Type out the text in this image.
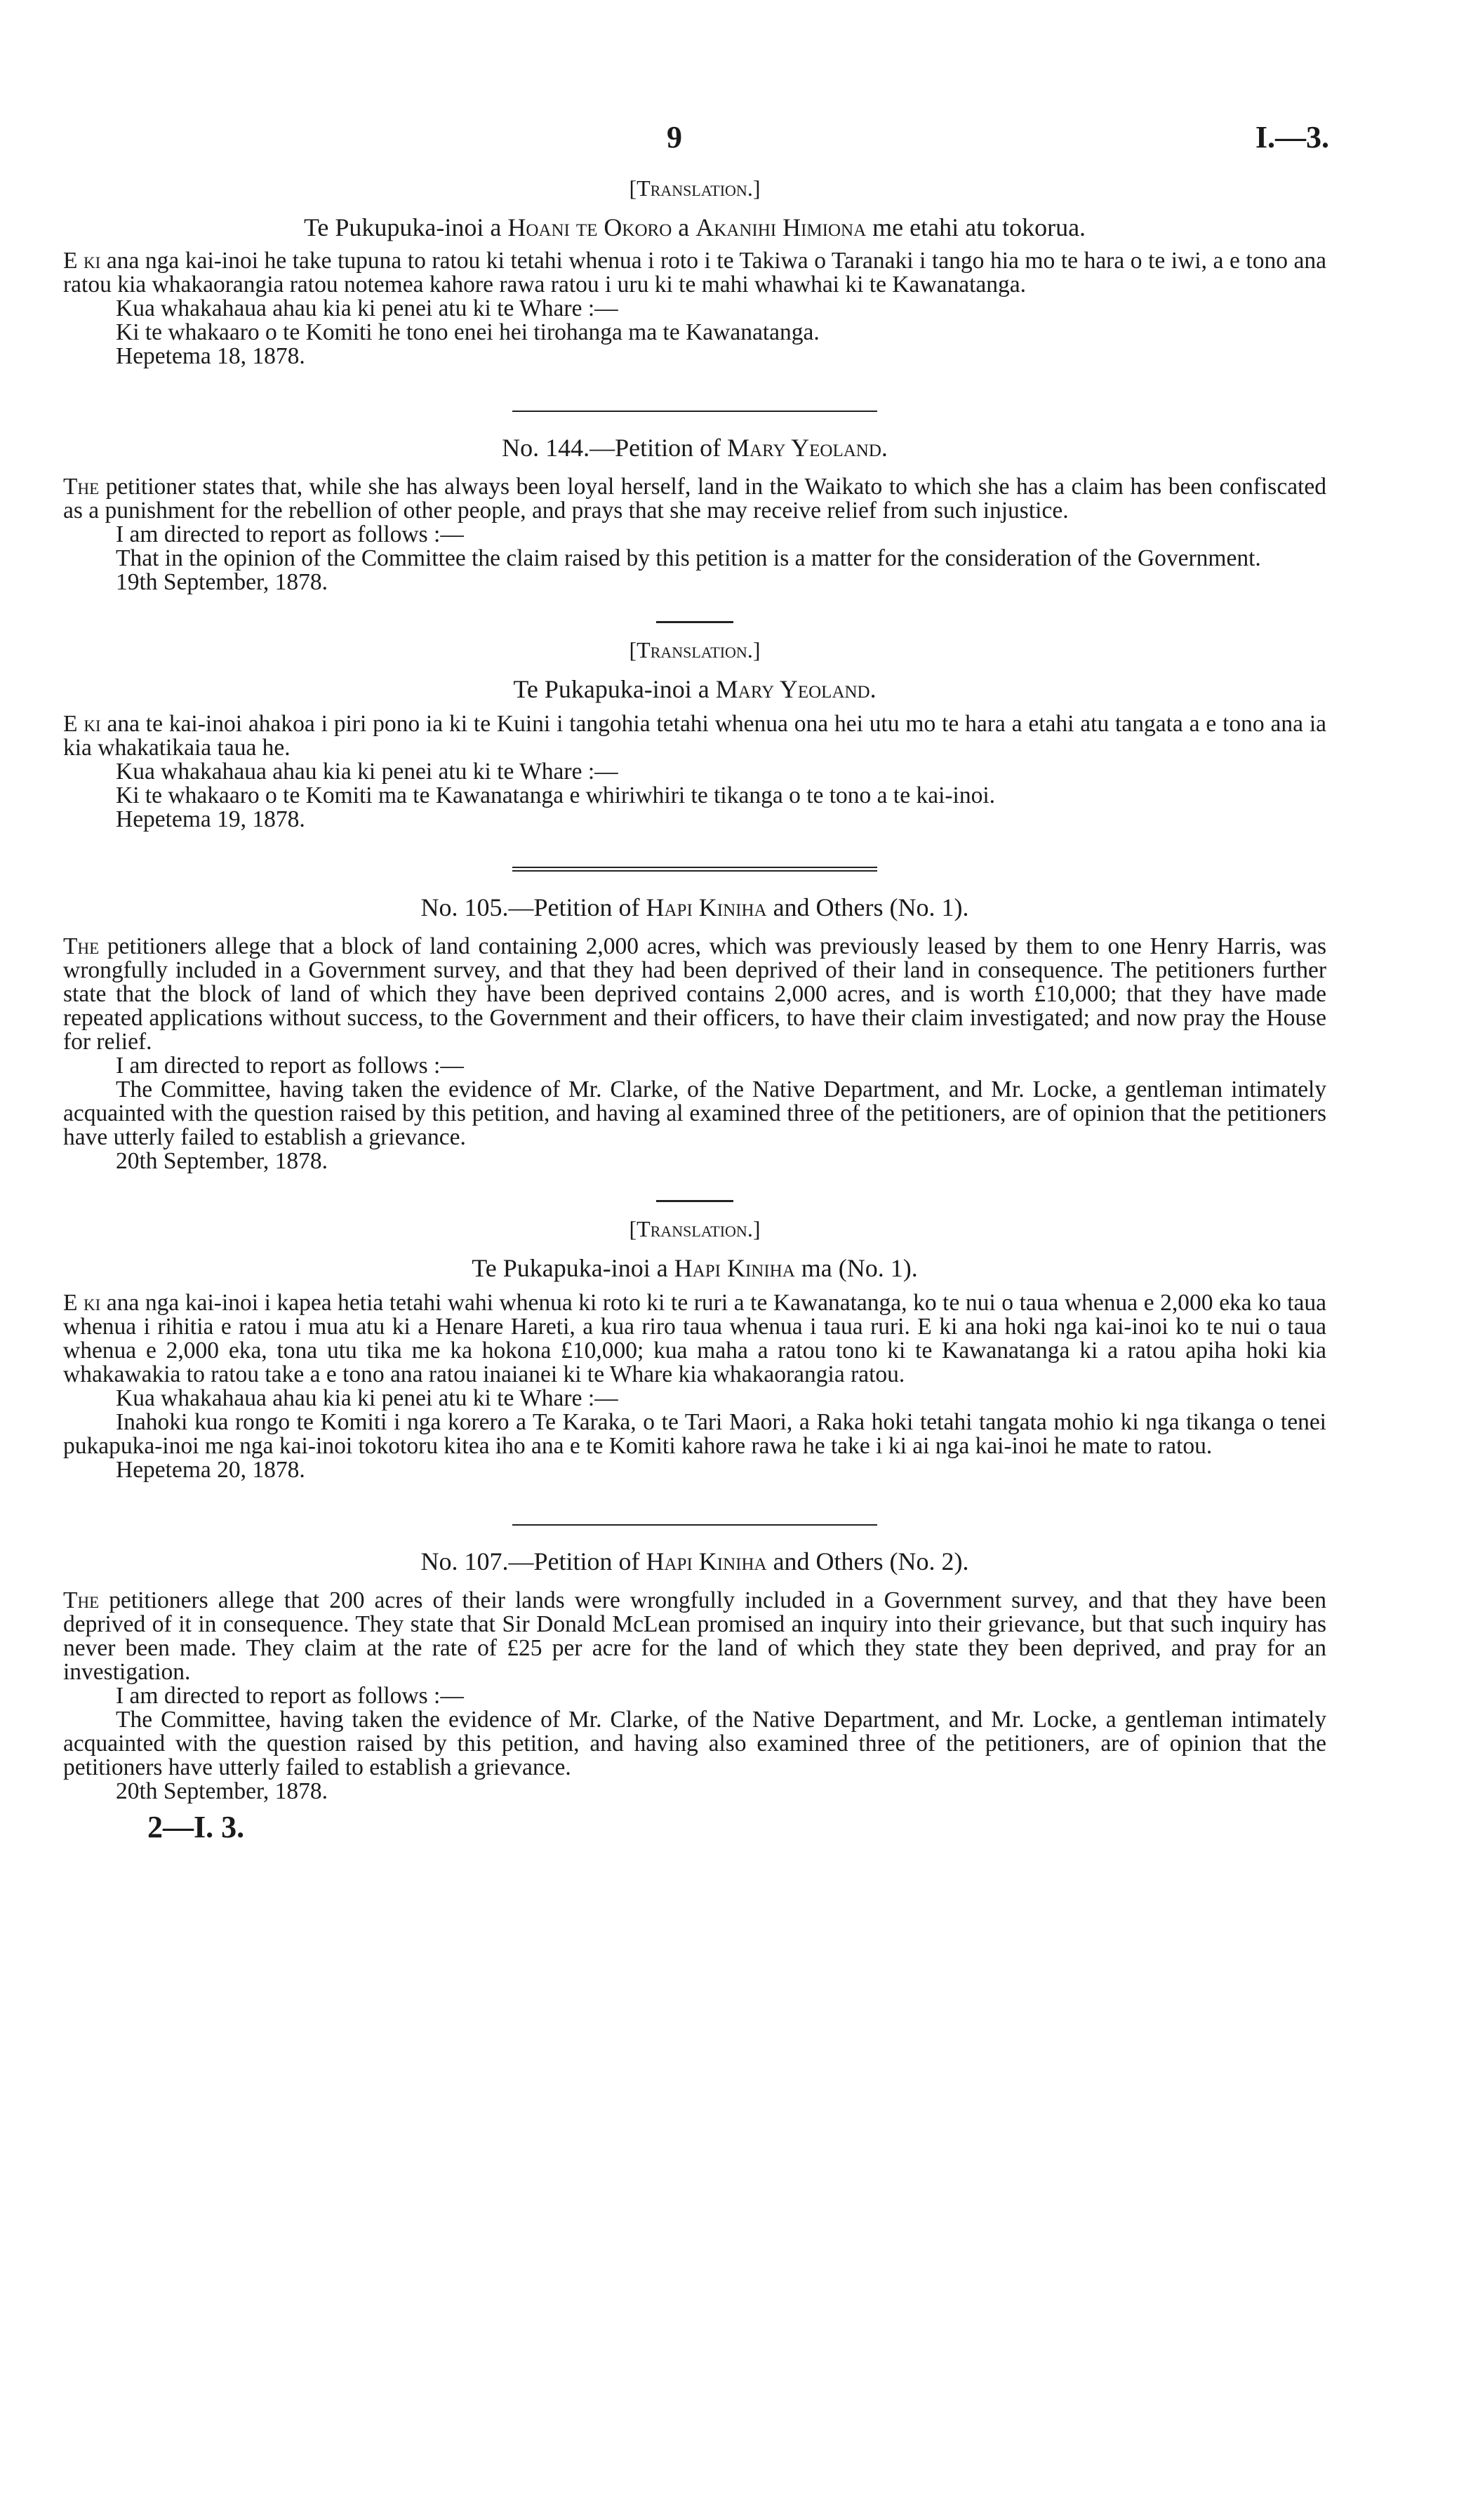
9	I.—3.
[Translation.]
Te Pukupuka-inoi a Hoani te Okoro a Akanihi Himiona me etahi atu tokorua.

E ki ana nga kai-inoi he take tupuna to ratou ki tetahi whenua i roto i te Takiwa o Taranaki i tango hia mo te hara o te iwi, a e tono ana ratou kia whakaorangia ratou notemea kahore rawa ratou i uru ki te mahi whawhai ki te Kawanatanga.

Kua whakahaua ahau kia ki penei atu ki te Whare :—

Ki te whakaaro o te Komiti he tono enei hei tirohanga ma te Kawanatanga.

Hepetema 18, 1878.

No. 144.—Petition of Mary Yeoland.

The petitioner states that, while she has always been loyal herself, land in the Waikato to which she has a claim has been confiscated as a punishment for the rebellion of other people, and prays that she may receive relief from such injustice.

I am directed to report as follows :—

That in the opinion of the Committee the claim raised by this petition is a matter for the consideration of the Government.

19th September, 1878.

[Translation.]
Te Pukapuka-inoi a Mary Yeoland.

E ki ana te kai-inoi ahakoa i piri pono ia ki te Kuini i tangohia tetahi whenua ona hei utu mo te hara a etahi atu tangata a e tono ana ia kia whakatikaia taua he.

Kua whakahaua ahau kia ki penei atu ki te Whare :—

Ki te whakaaro o te Komiti ma te Kawanatanga e whiriwhiri te tikanga o te tono a te kai-inoi.

Hepetema 19, 1878.

No. 105.—Petition of Hapi Kiniha and Others (No. 1).

The petitioners allege that a block of land containing 2,000 acres, which was previously leased by them to one Henry Harris, was wrongfully included in a Government survey, and that they had been deprived of their land in consequence. The petitioners further state that the block of land of which they have been deprived contains 2,000 acres, and is worth £10,000; that they have made repeated applications without success, to the Government and their officers, to have their claim investigated; and now pray the House for relief.

I am directed to report as follows :—

The Committee, having taken the evidence of Mr. Clarke, of the Native Department, and Mr. Locke, a gentleman intimately acquainted with the question raised by this petition, and having al examined three of the petitioners, are of opinion that the petitioners have utterly failed to establish a grievance.

20th September, 1878.

[Translation.]
Te Pukapuka-inoi a Hapi Kiniha ma (No. 1).

E ki ana nga kai-inoi i kapea hetia tetahi wahi whenua ki roto ki te ruri a te Kawanatanga, ko te nui o taua whenua e 2,000 eka ko taua whenua i rihitia e ratou i mua atu ki a Henare Hareti, a kua riro taua whenua i taua ruri. E ki ana hoki nga kai-inoi ko te nui o taua whenua e 2,000 eka, tona utu tika me ka hokona £10,000; kua maha a ratou tono ki te Kawanatanga ki a ratou apiha hoki kia whakawakia to ratou take a e tono ana ratou inaianei ki te Whare kia whakaorangia ratou.

Kua whakahaua ahau kia ki penei atu ki te Whare :—

Inahoki kua rongo te Komiti i nga korero a Te Karaka, o te Tari Maori, a Raka hoki tetahi tangata mohio ki nga tikanga o tenei pukapuka-inoi me nga kai-inoi tokotoru kitea iho ana e te Komiti kahore rawa he take i ki ai nga kai-inoi he mate to ratou.

Hepetema 20, 1878.

No. 107.—Petition of Hapi Kiniha and Others (No. 2).

The petitioners allege that 200 acres of their lands were wrongfully included in a Government survey, and that they have been deprived of it in consequence. They state that Sir Donald McLean promised an inquiry into their grievance, but that such inquiry has never been made. They claim at the rate of £25 per acre for the land of which they state they been deprived, and pray for an investigation.

I am directed to report as follows :—

The Committee, having taken the evidence of Mr. Clarke, of the Native Department, and Mr. Locke, a gentleman intimately acquainted with the question raised by this petition, and having also examined three of the petitioners, are of opinion that the petitioners have utterly failed to establish a grievance.

20th September, 1878.

2—I. 3.
